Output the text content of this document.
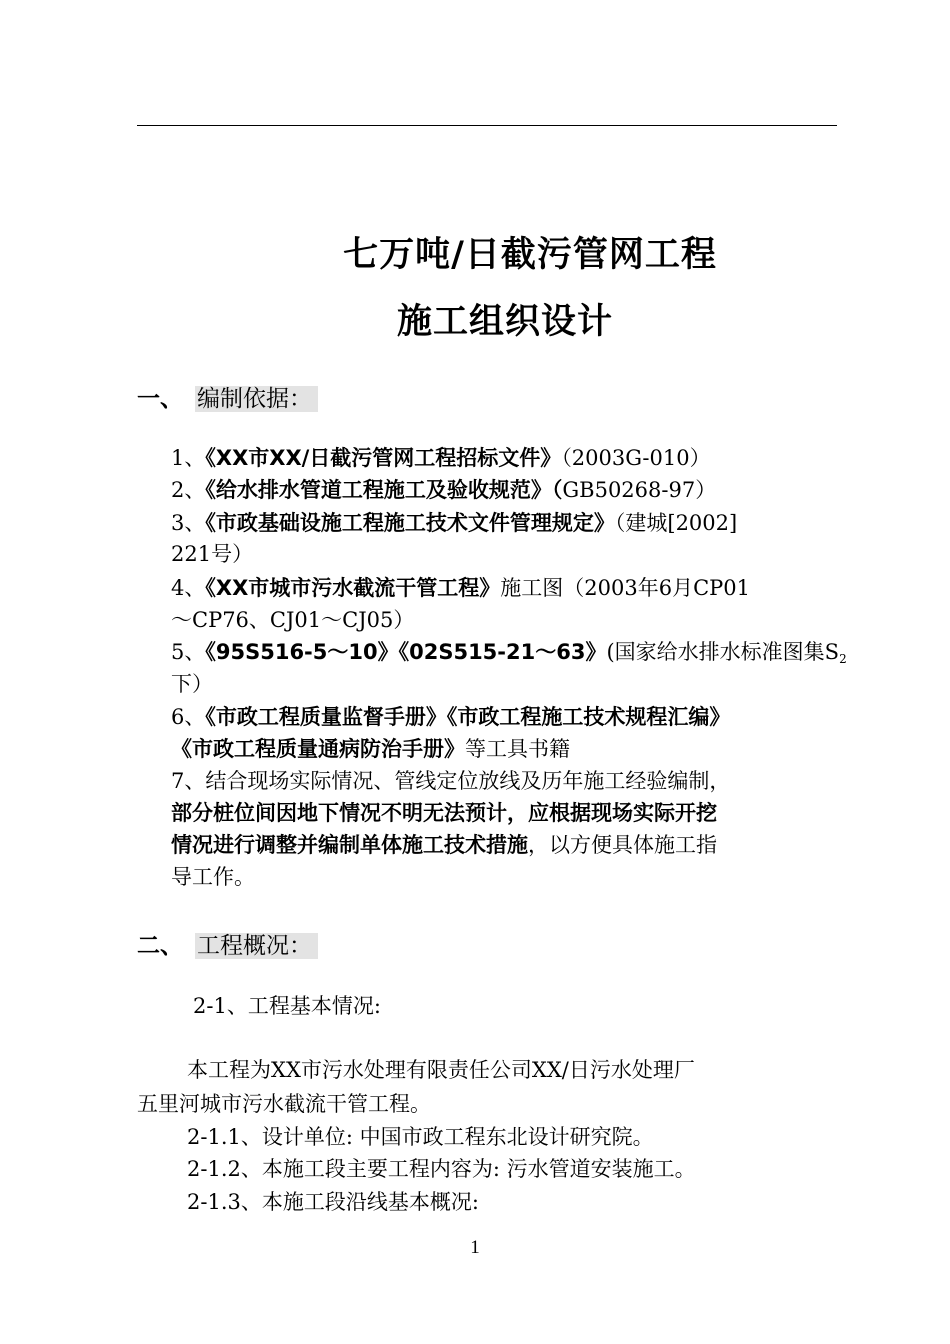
七万吨/日截污管网工程
施工组织设计
一、 编制依据：
1、《XX市XX/日截污管网工程招标文件》（2003G-010）
2、《给水排水管道工程施工及验收规范》（GB50268-97）
3、《市政基础设施工程施工技术文件管理规定》（建城[2002]
221号）
4、《XX市城市污水截流干管工程》施工图（2003年6月CP01
～CP76、CJ01～CJ05）
5、《95S516-5～10》《02S515-21～63》(国家给水排水标准图集$S_2$
下）
6、《市政工程质量监督手册》《市政工程施工技术规程汇编》
《市政工程质量通病防治手册》等工具书籍
7、结合现场实际情况、管线定位放线及历年施工经验编制，
部分桩位间因地下情况不明无法预计，应根据现场实际开挖
情况进行调整并编制单体施工技术措施，以方便具体施工指
导工作。
二、 工程概况：
2-1、工程基本情况:
本工程为XX市污水处理有限责任公司XX/日污水处理厂
五里河城市污水截流干管工程。
2-1.1、设计单位: 中国市政工程东北设计研究院。
2-1.2、本施工段主要工程内容为: 污水管道安装施工。
2-1.3、本施工段沿线基本概况:
1
